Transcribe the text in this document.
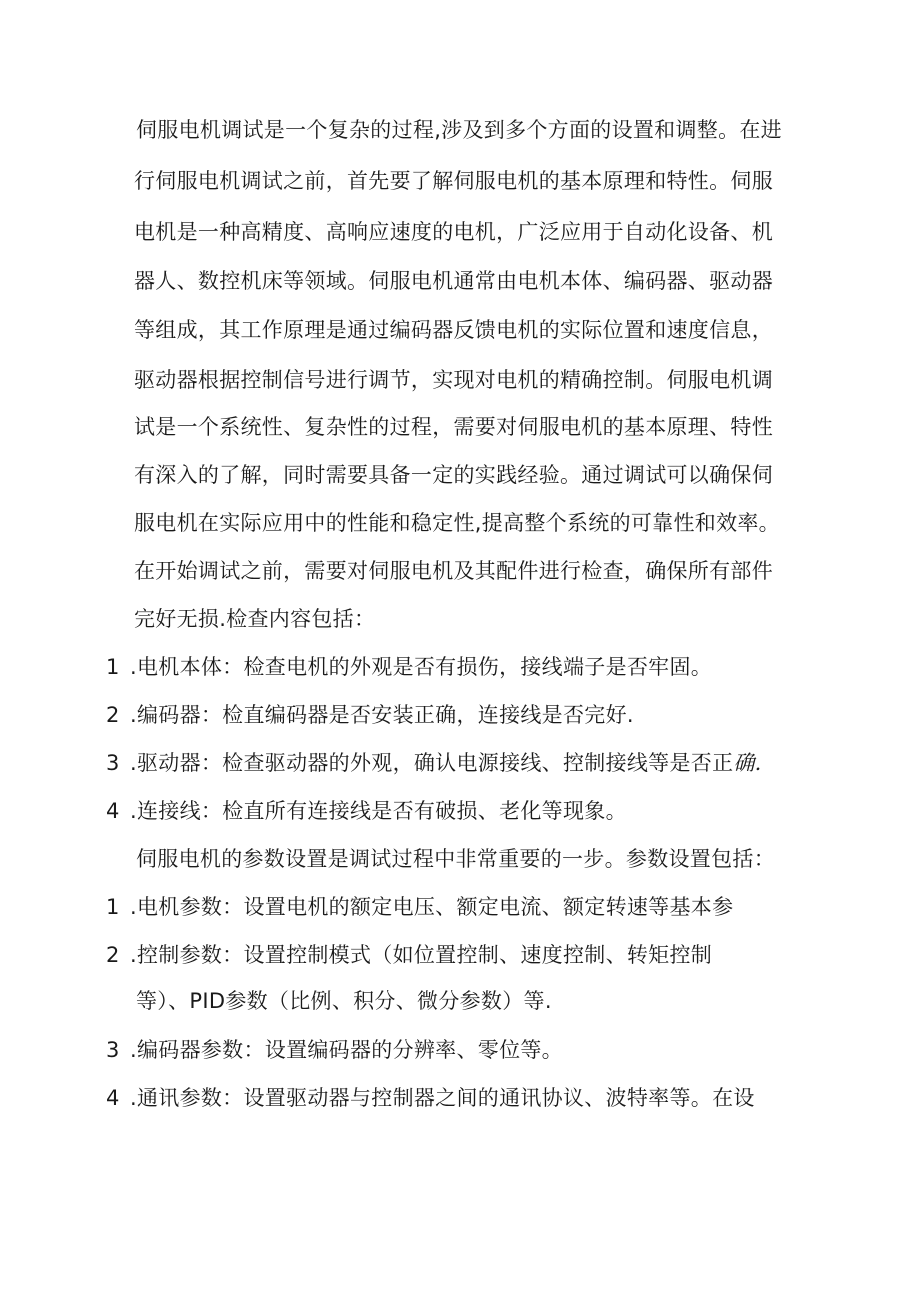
伺服电机调试是一个复杂的过程,涉及到多个方面的设置和调整。在进
行伺服电机调试之前，首先要了解伺服电机的基本原理和特性。伺服
电机是一种高精度、高响应速度的电机，广泛应用于自动化设备、机
器人、数控机床等领域。伺服电机通常由电机本体、编码器、驱动器
等组成，其工作原理是通过编码器反馈电机的实际位置和速度信息，
驱动器根据控制信号进行调节，实现对电机的精确控制。伺服电机调
试是一个系统性、复杂性的过程，需要对伺服电机的基本原理、特性
有深入的了解，同时需要具备一定的实践经验。通过调试可以确保伺
服电机在实际应用中的性能和稳定性,提高整个系统的可靠性和效率。
在开始调试之前，需要对伺服电机及其配件进行检查，确保所有部件
完好无损.检查内容包括：
1 .电机本体：检查电机的外观是否有损伤，接线端子是否牢固。
2 .编码器：检直编码器是否安装正确，连接线是否完好.
3 .驱动器：检查驱动器的外观，确认电源接线、控制接线等是否正确.
4 .连接线：检直所有连接线是否有破损、老化等现象。
伺服电机的参数设置是调试过程中非常重要的一步。参数设置包括：
1 .电机参数：设置电机的额定电压、额定电流、额定转速等基本参
2 .控制参数：设置控制模式（如位置控制、速度控制、转矩控制
等）、PID参数（比例、积分、微分参数）等.
3 .编码器参数：设置编码器的分辨率、零位等。
4 .通讯参数：设置驱动器与控制器之间的通讯协议、波特率等。在设
